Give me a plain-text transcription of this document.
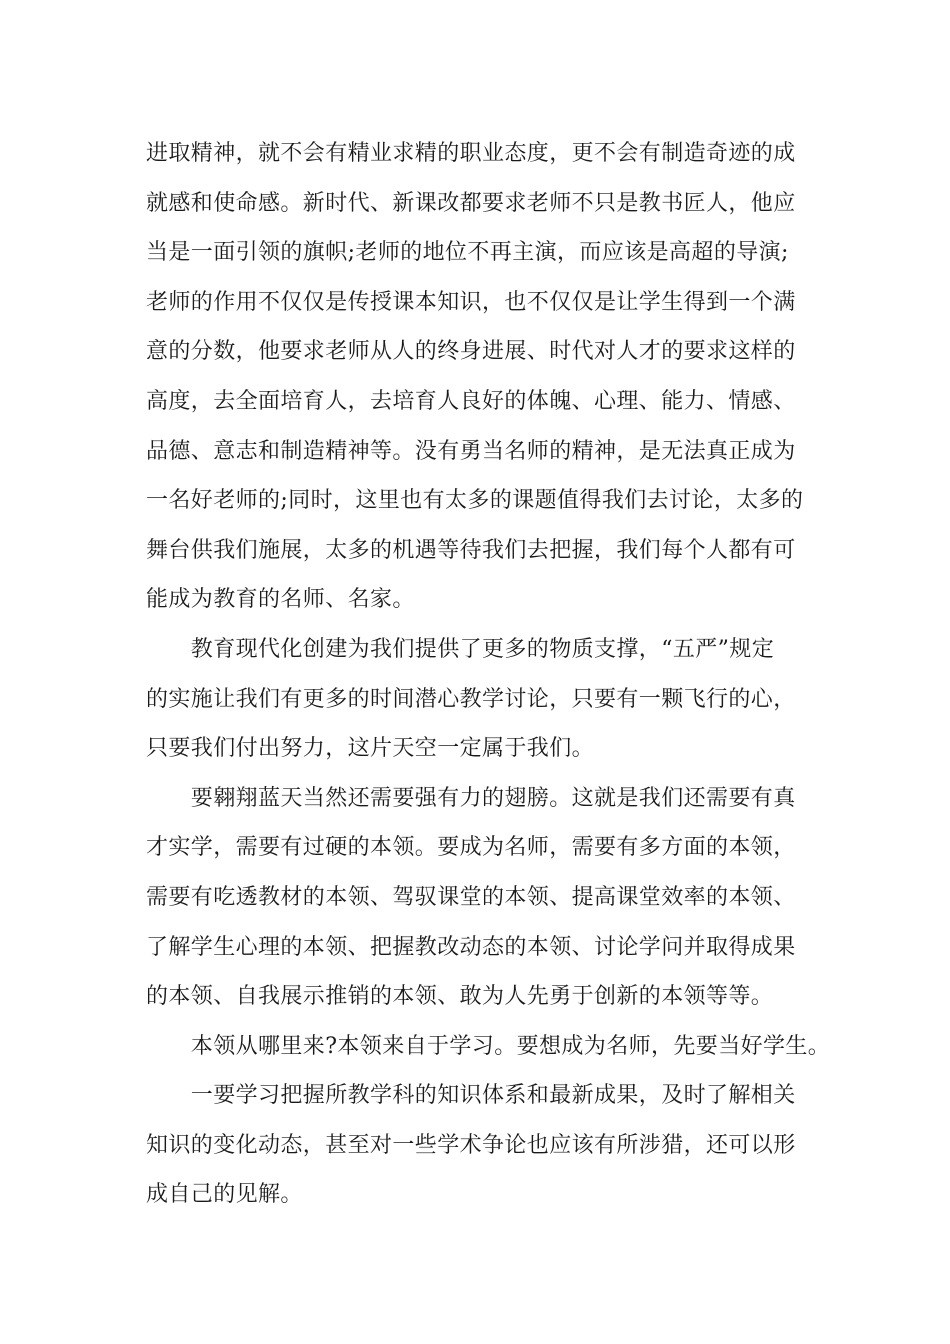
进取精神，就不会有精业求精的职业态度，更不会有制造奇迹的成
就感和使命感。新时代、新课改都要求老师不只是教书匠人，他应
当是一面引领的旗帜;老师的地位不再主演，而应该是高超的导演;
老师的作用不仅仅是传授课本知识，也不仅仅是让学生得到一个满
意的分数，他要求老师从人的终身进展、时代对人才的要求这样的
高度，去全面培育人，去培育人良好的体魄、心理、能力、情感、
品德、意志和制造精神等。没有勇当名师的精神，是无法真正成为
一名好老师的;同时，这里也有太多的课题值得我们去讨论，太多的
舞台供我们施展，太多的机遇等待我们去把握，我们每个人都有可
能成为教育的名师、名家。
　　教育现代化创建为我们提供了更多的物质支撑，“五严”规定
的实施让我们有更多的时间潜心教学讨论，只要有一颗飞行的心，
只要我们付出努力，这片天空一定属于我们。
　　要翱翔蓝天当然还需要强有力的翅膀。这就是我们还需要有真
才实学，需要有过硬的本领。要成为名师，需要有多方面的本领，
需要有吃透教材的本领、驾驭课堂的本领、提高课堂效率的本领、
了解学生心理的本领、把握教改动态的本领、讨论学问并取得成果
的本领、自我展示推销的本领、敢为人先勇于创新的本领等等。
　　本领从哪里来?本领来自于学习。要想成为名师，先要当好学生。
　　一要学习把握所教学科的知识体系和最新成果，及时了解相关
知识的变化动态，甚至对一些学术争论也应该有所涉猎，还可以形
成自己的见解。
